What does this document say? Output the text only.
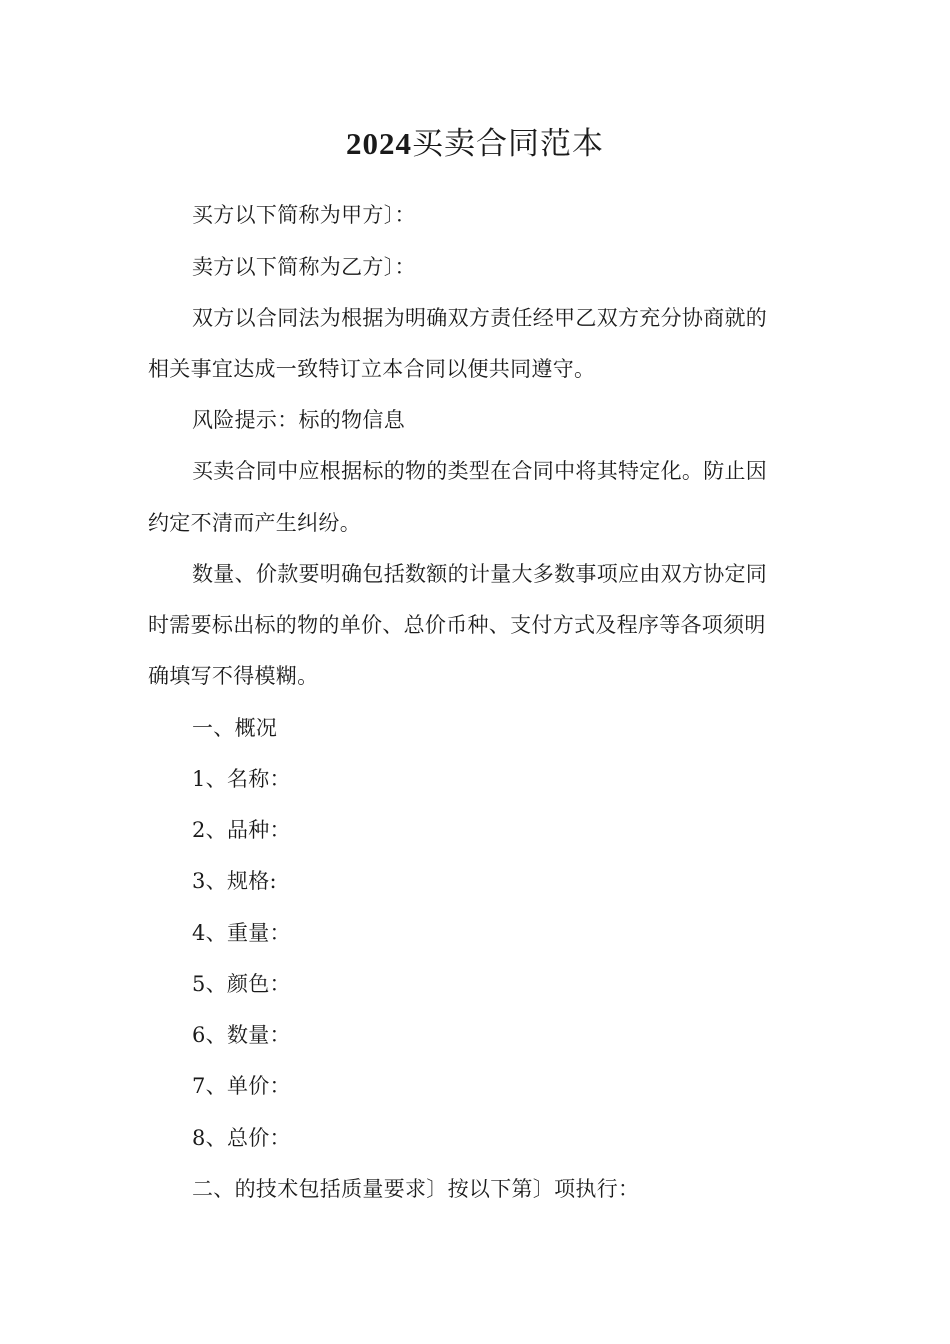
2024买卖合同范本
买方以下简称为甲方〕：
卖方以下简称为乙方〕：
双方以合同法为根据为明确双方责任经甲乙双方充分协商就的
相关事宜达成一致特订立本合同以便共同遵守。
风险提示：标的物信息
买卖合同中应根据标的物的类型在合同中将其特定化。防止因
约定不清而产生纠纷。
数量、价款要明确包括数额的计量大多数事项应由双方协定同
时需要标出标的物的单价、总价币种、支付方式及程序等各项须明
确填写不得模糊。
一、概况
1、名称：
2、品种：
3、规格:
4、重量：
5、颜色：
6、数量：
7、单价：
8、总价：
二、的技术包括质量要求〕按以下第〕项执行：
